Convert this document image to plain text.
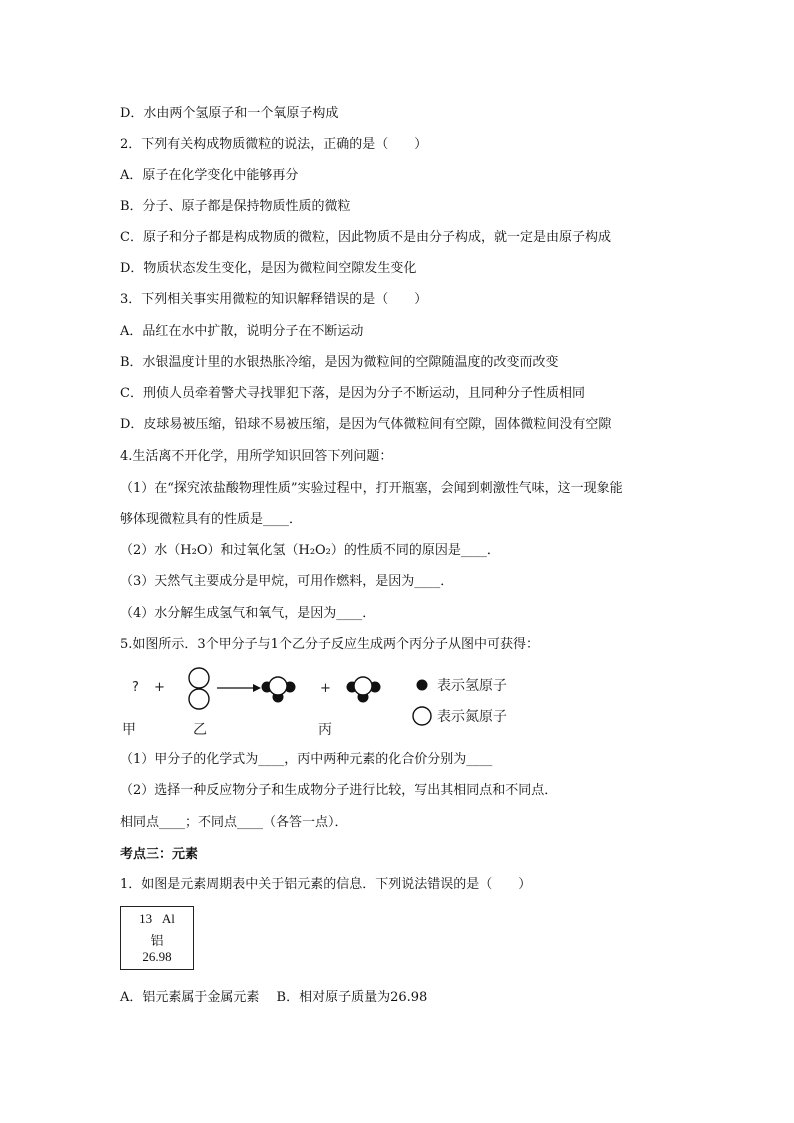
D．水由两个氢原子和一个氧原子构成
2．下列有关构成物质微粒的说法，正确的是（　　）
A．原子在化学变化中能够再分
B．分子、原子都是保持物质性质的微粒
C．原子和分子都是构成物质的微粒，因此物质不是由分子构成，就一定是由原子构成
D．物质状态发生变化，是因为微粒间空隙发生变化
3．下列相关事实用微粒的知识解释错误的是（　　）
A．品红在水中扩散，说明分子在不断运动
B．水银温度计里的水银热胀冷缩，是因为微粒间的空隙随温度的改变而改变
C．刑侦人员牵着警犬寻找罪犯下落，是因为分子不断运动，且同种分子性质相同
D．皮球易被压缩，铅球不易被压缩，是因为气体微粒间有空隙，固体微粒间没有空隙
4.生活离不开化学，用所学知识回答下列问题：
（1）在“探究浓盐酸物理性质”实验过程中，打开瓶塞，会闻到刺激性气味，这一现象能
够体现微粒具有的性质是____．
（2）水（H₂O）和过氧化氢（H₂O₂）的性质不同的原因是____．
（3）天然气主要成分是甲烷，可用作燃料，是因为____．
（4）水分解生成氢气和氧气，是因为____．
5.如图所示．3个甲分子与1个乙分子反应生成两个丙分子从图中可获得：
? +	+	表示氢原子
表示氮原子
甲	乙	丙
（1）甲分子的化学式为____，丙中两种元素的化合价分别为____
（2）选择一种反应物分子和生成物分子进行比较，写出其相同点和不同点．
相同点____；不同点____（各答一点）．
考点三：元素
1．如图是元素周期表中关于铝元素的信息．下列说法错误的是（　　）
13 Al
铝
26.98
A．铝元素属于金属元素　 B．相对原子质量为26.98
